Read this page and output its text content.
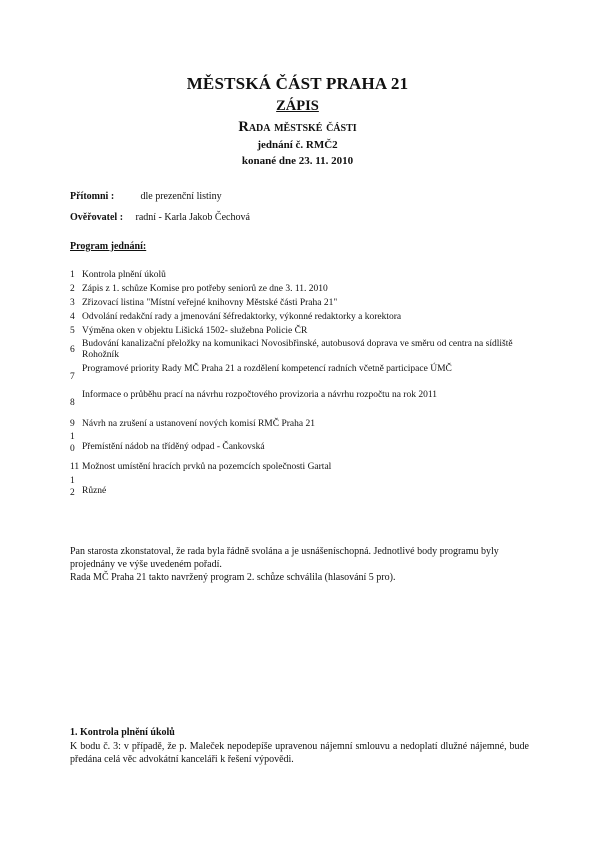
MĚSTSKÁ ČÁST PRAHA 21
ZÁPIS
Rada městské části
jednání č. RMČ2
konané dne 23. 11. 2010
Přítomni :	dle prezenční listiny
Ověřovatel : radní - Karla Jakob Čechová
Program jednání:
1 Kontrola plnění úkolů
2 Zápis z 1. schůze Komise pro potřeby seniorů ze dne 3. 11. 2010
3 Zřizovací listina "Místní veřejné knihovny Městské části Praha 21"
4 Odvolání redakční rady a jmenování šéfredaktorky, výkonné redaktorky a korektora
5 Výměna oken v objektu Lišická 1502- služebna Policie ČR
6
Budování kanalizační přeložky na komunikaci Novosibřinské, autobusová doprava ve směru od centra na sídliště Rohožník
7
Programové priority Rady MČ Praha 21 a rozdělení kompetencí radních včetně participace ÚMČ
8
Informace o průběhu prací na návrhu rozpočtového provizoria a návrhu rozpočtu na rok 2011
9 Návrh na zrušení a ustanovení nových komisí RMČ Praha 21
10 Přemístění nádob na tříděný odpad - Čankovská
11 Možnost umístění hracích prvků na pozemcích společnosti Gartal
12 Různé

Pan starosta zkonstatoval, že rada byla řádně svolána a je usnášeníschopná. Jednotlivé body programu byly projednány ve výše uvedeném pořadí.

Rada MČ Praha 21 takto navržený program 2. schůze schválila (hlasování 5 pro).

1. Kontrola plnění úkolů
K bodu č. 3: v případě, že p. Maleček nepodepíše upravenou nájemní smlouvu a nedoplatí dlužné nájemné, bude předána celá věc advokátní kanceláři k řešení výpovědi.
